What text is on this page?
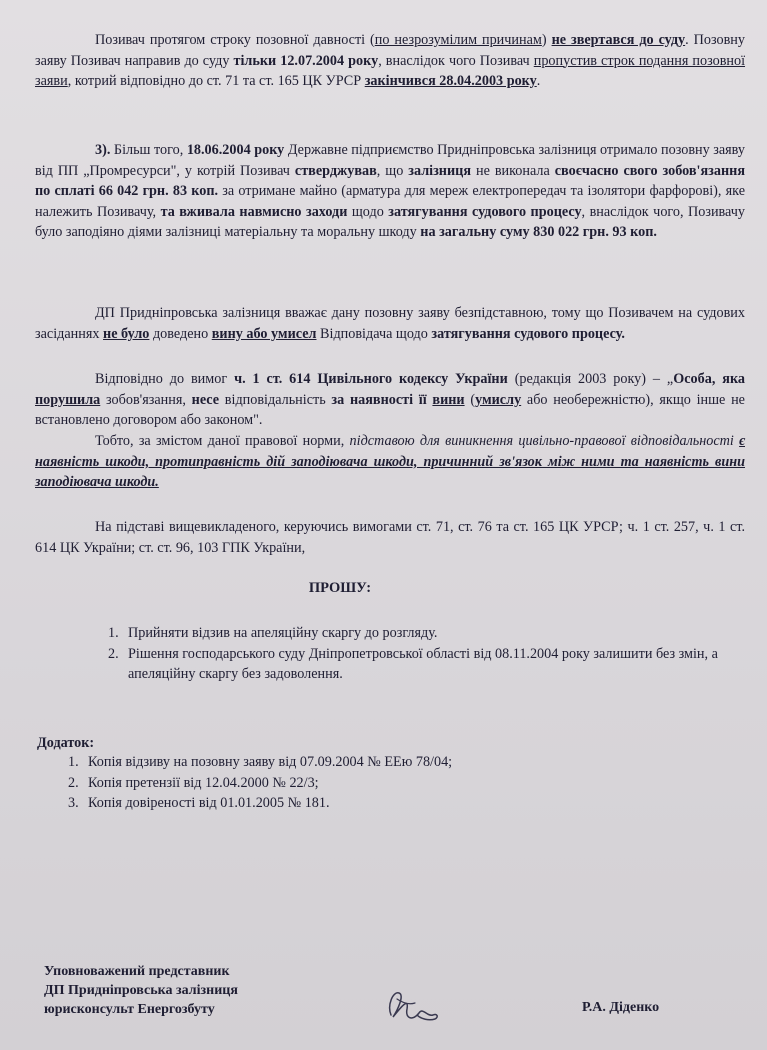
Позивач протягом строку позовної давності (по незрозумілим причинам) не звертався до суду. Позовну заяву Позивач направив до суду тільки 12.07.2004 року, внаслідок чого Позивач пропустив строк подання позовної заяви, котрий відповідно до ст. 71 та ст. 165 ЦК УРСР закінчився 28.04.2003 року.

3). Більш того, 18.06.2004 року Державне підприємство Придніпровська залізниця отримало позовну заяву від ПП „Промресурси", у котрій Позивач стверджував, що залізниця не виконала своєчасно свого зобов'язання по сплаті 66 042 грн. 83 коп. за отримане майно (арматура для мереж електропередач та ізолятори фарфорові), яке належить Позивачу, та вживала навмисно заходи щодо затягування судового процесу, внаслідок чого, Позивачу було заподіяно діями залізниці матеріальну та моральну шкоду на загальну суму 830 022 грн. 93 коп.

ДП Придніпровська залізниця вважає дану позовну заяву безпідставною, тому що Позивачем на судових засіданнях не було доведено вину або умисел Відповідача щодо затягування судового процесу.

Відповідно до вимог ч. 1 ст. 614 Цивільного кодексу України (редакція 2003 року) – „Особа, яка порушила зобов'язання, несе відповідальність за наявності її вини (умислу або необережністю), якщо інше не встановлено договором або законом".

Тобто, за змістом даної правової норми, підставою для виникнення цивільно-правової відповідальності є наявність шкоди, протиправність дій заподіювача шкоди, причинний зв'язок між ними та наявність вини заподіювача шкоди.

На підставі вищевикладеного, керуючись вимогами ст. 71, ст. 76 та ст. 165 ЦК УРСР; ч. 1 ст. 257, ч. 1 ст. 614 ЦК України; ст. ст. 96, 103 ГПК України,

ПРОШУ:
1. Прийняти відзив на апеляційну скаргу до розгляду.
2. Рішення господарського суду Дніпропетровської області від 08.11.2004 року залишити без змін, а апеляційну скаргу без задоволення.
Додаток:
1. Копія відзиву на позовну заяву від 07.09.2004 № ЕЕю 78/04;
2. Копія претензії від 12.04.2000 № 22/3;
3. Копія довіреності від 01.01.2005 № 181.
Уповноважений представник
ДП Придніпровська залізниця
юрисконсульт Енергозбуту	Р.А. Діденко
